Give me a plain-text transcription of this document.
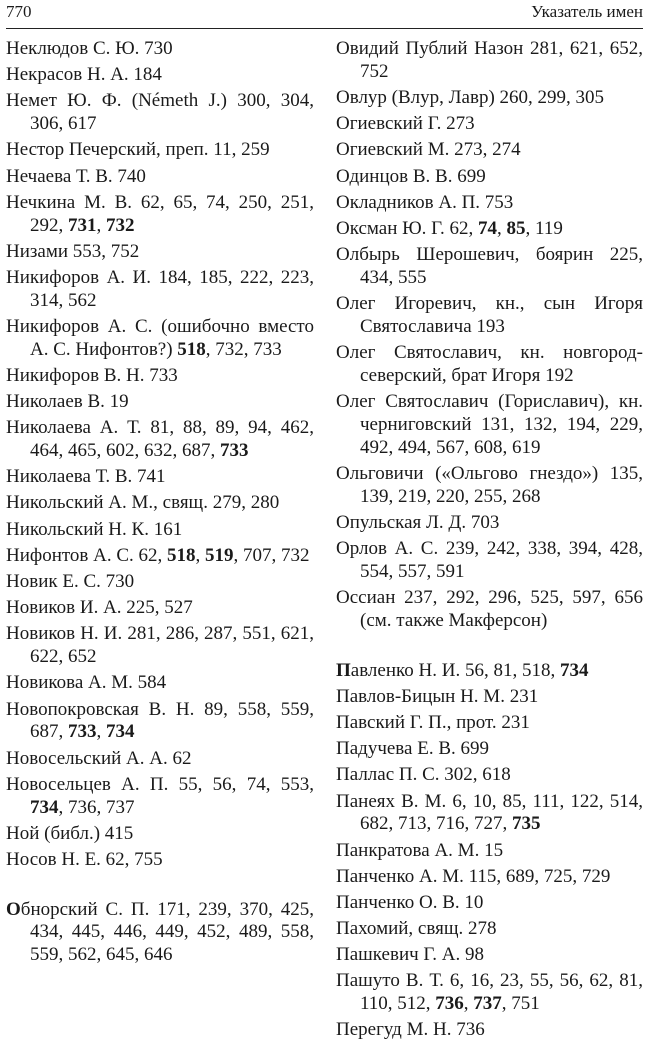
770	Указатель имен
Неклюдов С. Ю. 730
Некрасов Н. А. 184
Немет Ю. Ф. (Németh J.) 300, 304, 306, 617
Нестор Печерский, преп. 11, 259
Нечаева Т. В. 740
Нечкина М. В. 62, 65, 74, 250, 251, 292, 731, 732
Низами 553, 752
Никифоров А. И. 184, 185, 222, 223, 314, 562
Никифоров А. С. (ошибочно вместо А. С. Нифонтов?) 518, 732, 733
Никифоров В. Н. 733
Николаев В. 19
Николаева А. Т. 81, 88, 89, 94, 462, 464, 465, 602, 632, 687, 733
Николаева Т. В. 741
Никольский А. М., свящ. 279, 280
Никольский Н. К. 161
Нифонтов А. С. 62, 518, 519, 707, 732
Новик Е. С. 730
Новиков И. А. 225, 527
Новиков Н. И. 281, 286, 287, 551, 621, 622, 652
Новикова А. М. 584
Новопокровская В. Н. 89, 558, 559, 687, 733, 734
Новосельский А. А. 62
Новосельцев А. П. 55, 56, 74, 553, 734, 736, 737
Ной (библ.) 415
Носов Н. Е. 62, 755
Обнорский С. П. 171, 239, 370, 425, 434, 445, 446, 449, 452, 489, 558, 559, 562, 645, 646
Овидий Публий Назон 281, 621, 652, 752
Овлур (Влур, Лавр) 260, 299, 305
Огиевский Г. 273
Огиевский М. 273, 274
Одинцов В. В. 699
Окладников А. П. 753
Оксман Ю. Г. 62, 74, 85, 119
Олбырь Шерошевич, боярин 225, 434, 555
Олег Игоревич, кн., сын Игоря Святославича 193
Олег Святославич, кн. новгород-северский, брат Игоря 192
Олег Святославич (Гориславич), кн. черниговский 131, 132, 194, 229, 492, 494, 567, 608, 619
Ольговичи («Ольгово гнездо») 135, 139, 219, 220, 255, 268
Опульская Л. Д. 703
Орлов А. С. 239, 242, 338, 394, 428, 554, 557, 591
Оссиан 237, 292, 296, 525, 597, 656 (см. также Макферсон)
Павленко Н. И. 56, 81, 518, 734
Павлов-Бицын Н. М. 231
Павский Г. П., прот. 231
Падучева Е. В. 699
Паллас П. С. 302, 618
Панеях В. М. 6, 10, 85, 111, 122, 514, 682, 713, 716, 727, 735
Панкратова А. М. 15
Панченко А. М. 115, 689, 725, 729
Панченко О. В. 10
Пахомий, свящ. 278
Пашкевич Г. А. 98
Пашуто В. Т. 6, 16, 23, 55, 56, 62, 81, 110, 512, 736, 737, 751
Перегуд М. Н. 736
